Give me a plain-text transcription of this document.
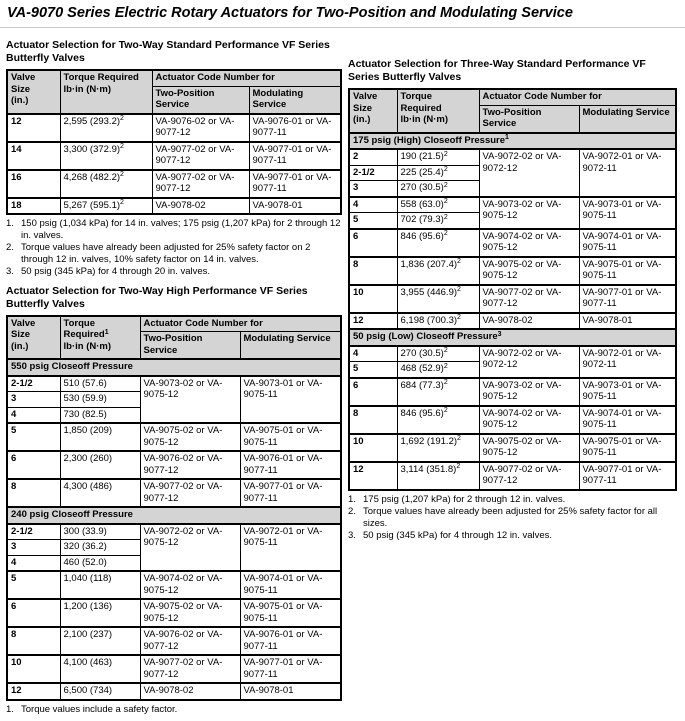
VA-9070 Series Electric Rotary Actuators for Two-Position and Modulating Service
Actuator Selection for Two-Way Standard Performance VF Series Butterfly Valves
Valve
Size
(in.)

Torque Required
lb·in (N·m)
	Actuator Code Number for
		Two-Position Service	Modulating Service
12	2,595 $(293.2)^2$	VA-9076-02 or VA-9077-12	VA-9076-01 or VA-9077-11
14	3,300 $(372.9)^2$	VA-9077-02 or VA-9077-12	VA-9077-01 or VA-9077-11
16	4,268 $(482.2)^2$	VA-9077-02 or VA-9077-12	VA-9077-01 or VA-9077-11
18	5,267 $(595.1)^2$	VA-9078-02	VA-9078-01
1. 150 psig (1,034 kPa) for 14 in. valves; 175 psig (1,207 kPa) for 2 through 12 in. valves.
2. Torque values have already been adjusted for 25% safety factor on 2 through 12 in. valves, 10% safety factor on 14 in. valves.
3. 50 psig (345 kPa) for 4 through 20 in. valves.
Actuator Selection for Two-Way High Performance VF Series Butterfly Valves
Valve
Size
(in.)

Torque
Required$^1$
lb·in (N·m)
	Actuator Code Number for
		Two-Position Service	Modulating Service
550 psig Closeoff Pressure			
2-1/2	510 (57.6)	VA-9073-02 or VA-9075-12	VA-9073-01 or VA-9075-11
3	530 (59.9)		
4	730 (82.5)		
5	1,850 (209)	VA-9075-02 or VA-9075-12	VA-9075-01 or VA-9075-11
6	2,300 (260)	VA-9076-02 or VA-9077-12	VA-9076-01 or VA-9077-11
8	4,300 (486)	VA-9077-02 or VA-9077-12	VA-9077-01 or VA-9077-11
240 psig Closeoff Pressure			
2-1/2	300 (33.9)	VA-9072-02 or VA-9075-12	VA-9072-01 or VA-9075-11
3	320 (36.2)		
4	460 (52.0)		
5	1,040 (118)	VA-9074-02 or VA-9075-12	VA-9074-01 or VA-9075-11
6	1,200 (136)	VA-9075-02 or VA-9075-12	VA-9075-01 or VA-9075-11
8	2,100 (237)	VA-9076-02 or VA-9077-12	VA-9076-01 or VA-9077-11
10	4,100 (463)	VA-9077-02 or VA-9077-12	VA-9077-01 or VA-9077-11
12	6,500 (734)	VA-9078-02	VA-9078-01
1. Torque values include a safety factor.
Actuator Selection for Three-Way Standard Performance VF Series Butterfly Valves
Valve
Size
(in.)

Torque
Required
lb·in (N·m)
	Actuator Code Number for
		Two-Position Service	Modulating Service
175 psig (High) Closeoff Pressure$^1$
2	190 $(21.5)^2$	VA-9072-02 or VA-9072-12	VA-9072-01 or VA-9072-11
2-1/2	225 $(25.4)^2$
3	270 $(30.5)^2$
4	558 $(63.0)^2$	VA-9073-02 or VA-9075-12	VA-9073-01 or VA-9075-11
5	702 $(79.3)^2$
6	846 $(95.6)^2$	VA-9074-02 or VA-9075-12	VA-9074-01 or VA-9075-11
8	1,836 $(207.4)^2$	VA-9075-02 or VA-9075-12	VA-9075-01 or VA-9075-11
10	3,955 $(446.9)^2$	VA-9077-02 or VA-9077-12	VA-9077-01 or VA-9077-11
12	6,198 $(700.3)^2$	VA-9078-02	VA-9078-01
50 psig (Low) Closeoff Pressure$^3$
4	270 $(30.5)^2$	VA-9072-02 or VA-9072-12	VA-9072-01 or VA-9072-11
5	468 $(52.9)^2$
6	684 $(77.3)^2$	VA-9073-02 or VA-9075-12	VA-9073-01 or VA-9075-11
8	846 $(95.6)^2$	VA-9074-02 or VA-9075-12	VA-9074-01 or VA-9075-11
10	1,692 $(191.2)^2$	VA-9075-02 or VA-9075-12	VA-9075-01 or VA-9075-11
12	3,114 $(351.8)^2$	VA-9077-02 or VA-9077-12	VA-9077-01 or VA-9077-11
1. 175 psig (1,207 kPa) for 2 through 12 in. valves.
2. Torque values have already been adjusted for 25% safety factor for all sizes.
3. 50 psig (345 kPa) for 4 through 12 in. valves.
